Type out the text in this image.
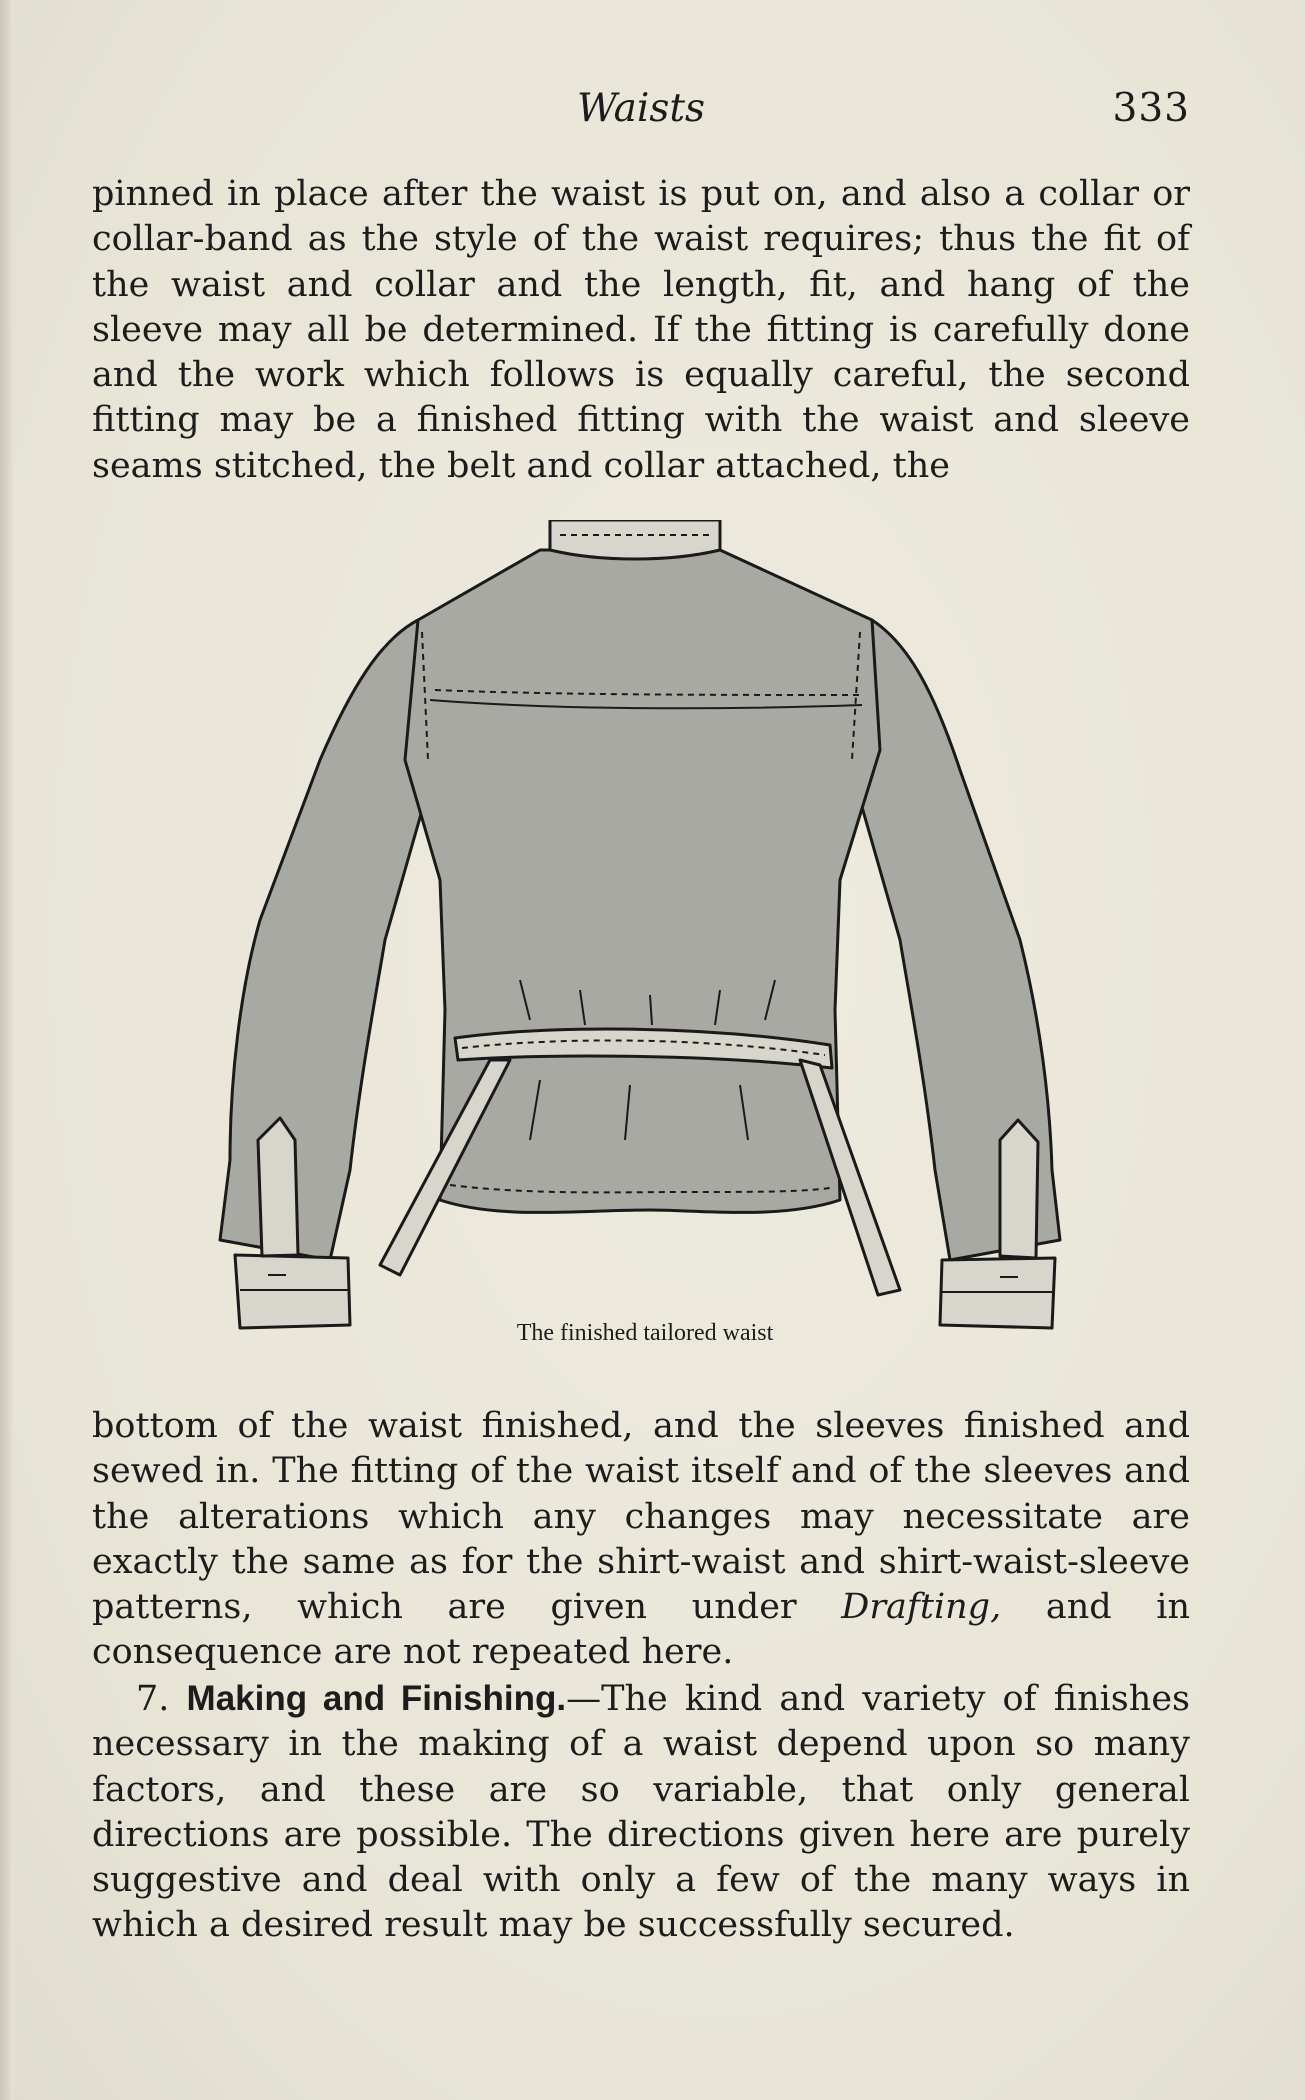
Waists	333

pinned in place after the waist is put on, and also a collar or collar-band as the style of the waist requires; thus the fit of the waist and collar and the length, fit, and hang of the sleeve may all be determined. If the fitting is carefully done and the work which follows is equally careful, the second fitting may be a finished fitting with the waist and sleeve seams stitched, the belt and collar attached, the

The finished tailored waist

bottom of the waist finished, and the sleeves finished and sewed in. The fitting of the waist itself and of the sleeves and the alterations which any changes may necessitate are exactly the same as for the shirt-waist and shirt-waist-sleeve patterns, which are given under Drafting, and in consequence are not repeated here.

7. Making and Finishing.—The kind and variety of finishes necessary in the making of a waist depend upon so many factors, and these are so variable, that only general directions are possible. The directions given here are purely suggestive and deal with only a few of the many ways in which a desired result may be successfully secured.
